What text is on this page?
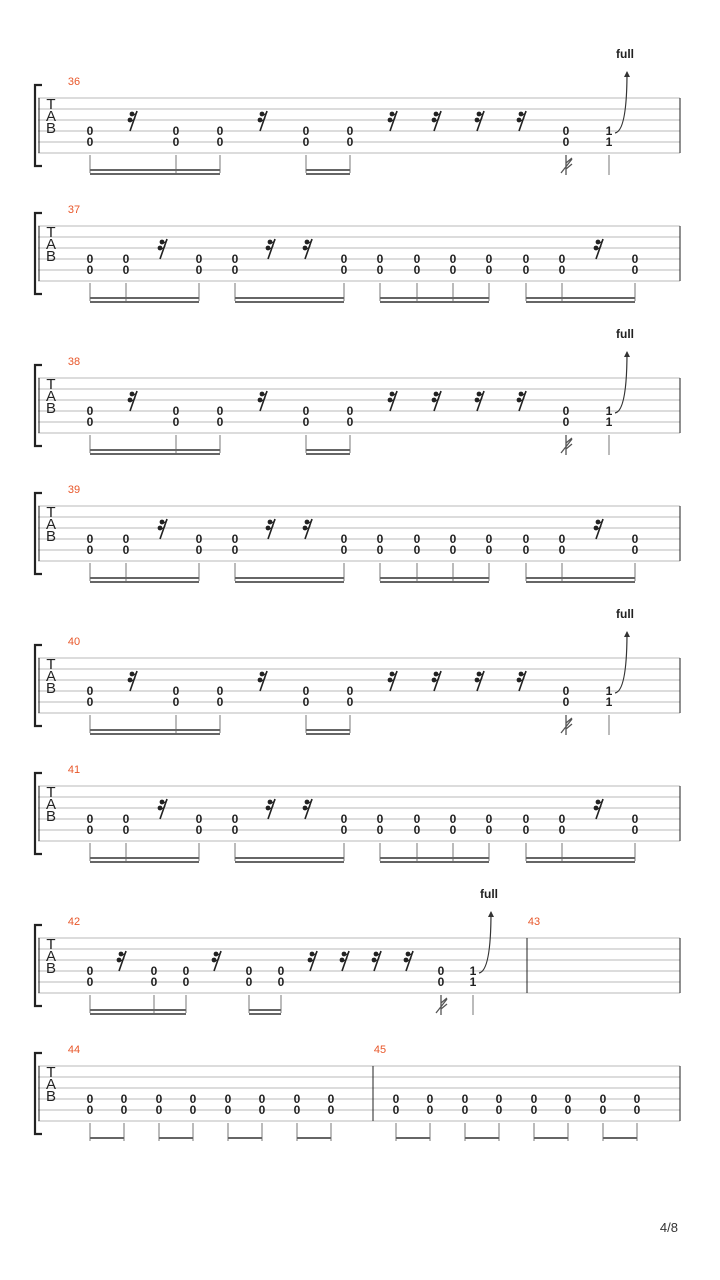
T
A
B
36
0
0
0
0
0
0
0
0
0
0
0
0
1
1
full
T
A
B
37
0
0
0
0
0
0
0
0
0
0
0
0
0
0
0
0
0
0
0
0
0
0
0
0
T
A
B
38
0
0
0
0
0
0
0
0
0
0
0
0
1
1
full
T
A
B
39
0
0
0
0
0
0
0
0
0
0
0
0
0
0
0
0
0
0
0
0
0
0
0
0
T
A
B
40
0
0
0
0
0
0
0
0
0
0
0
0
1
1
full
T
A
B
41
0
0
0
0
0
0
0
0
0
0
0
0
0
0
0
0
0
0
0
0
0
0
0
0
T
A
B
42	43
0
0
0
0
0
0
0
0
0
0
0
0
1
1
full
T
A
B
44	45
0
0
0
0
0
0
0
0
0
0
0
0
0
0
0
0
0
0
0
0
0
0
0
0
0
0
0
0
0
0
0
0
4/8
